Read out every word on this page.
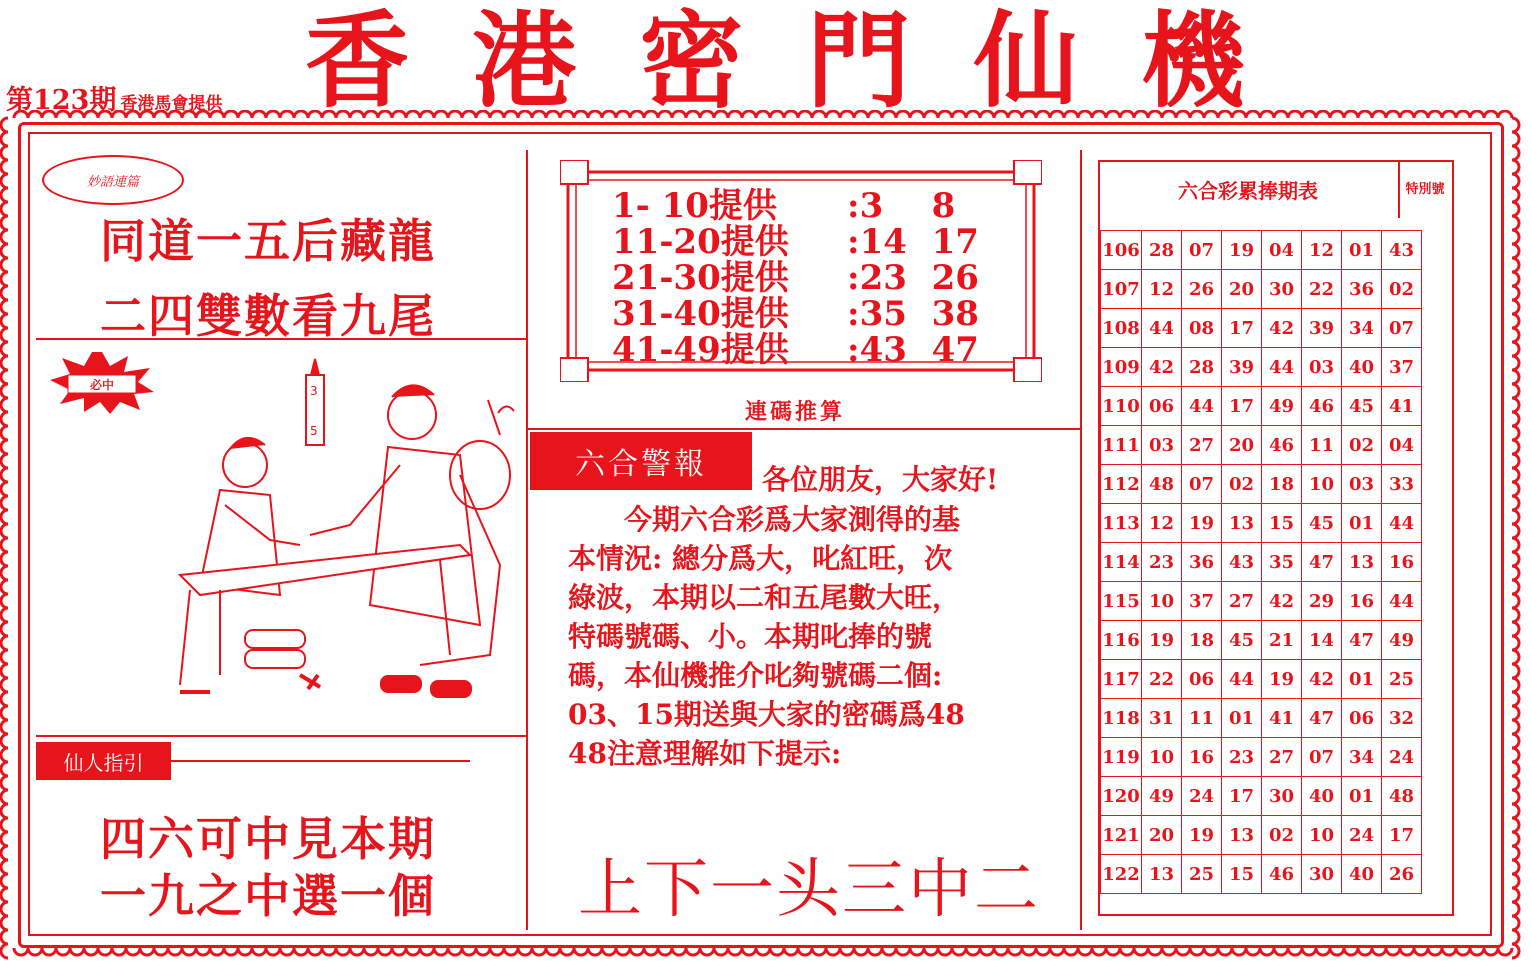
第123期 香港馬會提供 香 港 密 門 仙 機
妙語連篇
同道一五后藏龍
二四雙數看九尾
必中	3
5
仙人指引
四六可中見本期
一九之中選一個
1- 10提供 :3 8
11-20提供 :14 17
21-30提供 :23 26
31-40提供 :35 38
41-49提供 :43 47
連碼推算
六合警報	各位朋友，大家好!
今期六合彩爲大家測得的基
本情況: 總分爲大，叱紅旺，次
綠波，本期以二和五尾數大旺，
特碼號碼、小。本期叱捧的號
碼，本仙機推介叱夠號碼二個:
03、15期送與大家的密碼爲48
48注意理解如下提示:
上下一头三中二
六合彩累捧期表	特別號
106	28	07	19	04	12	01	43
107	12	26	20	30	22	36	02
108	44	08	17	42	39	34	07
109	42	28	39	44	03	40	37
110	06	44	17	49	46	45	41
111	03	27	20	46	11	02	04
112	48	07	02	18	10	03	33
113	12	19	13	15	45	01	44
114	23	36	43	35	47	13	16
115	10	37	27	42	29	16	44
116	19	18	45	21	14	47	49
117	22	06	44	19	42	01	25
118	31	11	01	41	47	06	32
119	10	16	23	27	07	34	24
120	49	24	17	30	40	01	48
121	20	19	13	02	10	24	17
122	13	25	15	46	30	40	26
